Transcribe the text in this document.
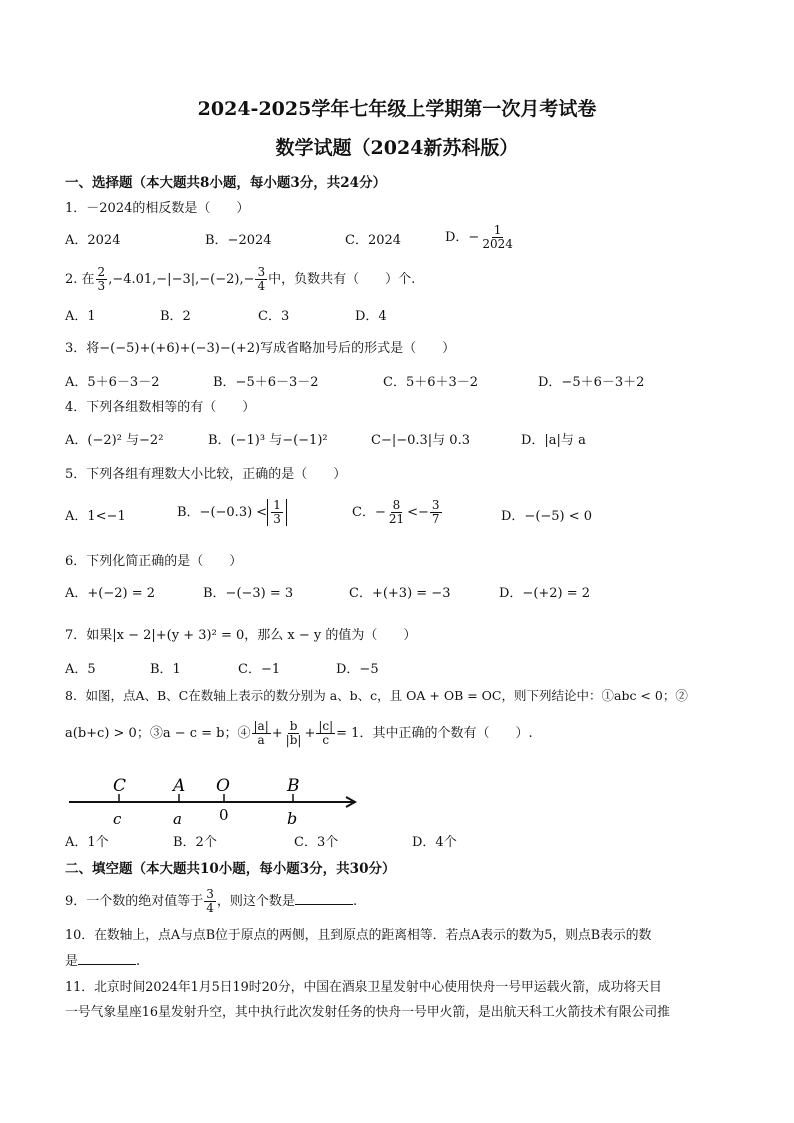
2024-2025学年七年级上学期第一次月考试卷
数学试题（2024新苏科版）
一、选择题（本大题共8小题，每小题3分，共24分）
1．－2024的相反数是（　　）
A．2024	B．−2024	C．2024	D．− $\frac{1}{2024}$
2. 在 $\frac{2}{3} ,-4.01,-|-3|,-(-2),- \frac{3}{4}$ 中，负数共有（　　）个.
A．1	B．2	C．3	D．4
3．将−(−5)+(+6)+(−3)−(+2)写成省略加号后的形式是（　　）
A．5＋6－3－2	B．−5＋6－3－2	C．5＋6＋3－2	D．−5＋6－3＋2
4．下列各组数相等的有（　　）
A．(−2)² 与−2²	B．(−1)³ 与−(−1)²	C−|−0.3|与 0.3	D．|a|与 a
5．下列各组有理数大小比较，正确的是（　　）
A．1<−1	B．$-(-0.3) < \frac{1}{3}$	C．− $\frac{8}{21} <- \frac{3}{7}$	D．−(−5) < 0
6．下列化简正确的是（　　）
A．+(−2) = 2	B．−(−3) = 3	C．+(+3) = −3	D．−(+2) = 2
7．如果|x − 2|+(y + 3)² = 0，那么 x − y 的值为（　　）
A．5	B．1	C．−1	D．−5
8．如图，点A、B、C在数轴上表示的数分别为 a、b、c，且 OA + OB = OC，则下列结论中：①abc < 0；②
a(b+c) > 0；③a − c = b；④ $\frac{|a|}{a} + \frac{b}{|b|} + \frac{|c|}{c} = 1$．其中正确的个数有（　　）.
C	A O	B
c	a 0	b
A．1个	B．2个	C．3个	D．4个
二、填空题（本大题共10小题，每小题3分，共30分）
9．一个数的绝对值等于 $\frac{3}{4}$ ，则这个数是	.
10．在数轴上，点A与点B位于原点的两侧，且到原点的距离相等．若点A表示的数为5，则点B表示的数
是	.
11．北京时间2024年1月5日19时20分，中国在酒泉卫星发射中心使用快舟一号甲运载火箭，成功将天目
一号气象星座16星发射升空，其中执行此次发射任务的快舟一号甲火箭，是出航天科工火箭技术有限公司推
